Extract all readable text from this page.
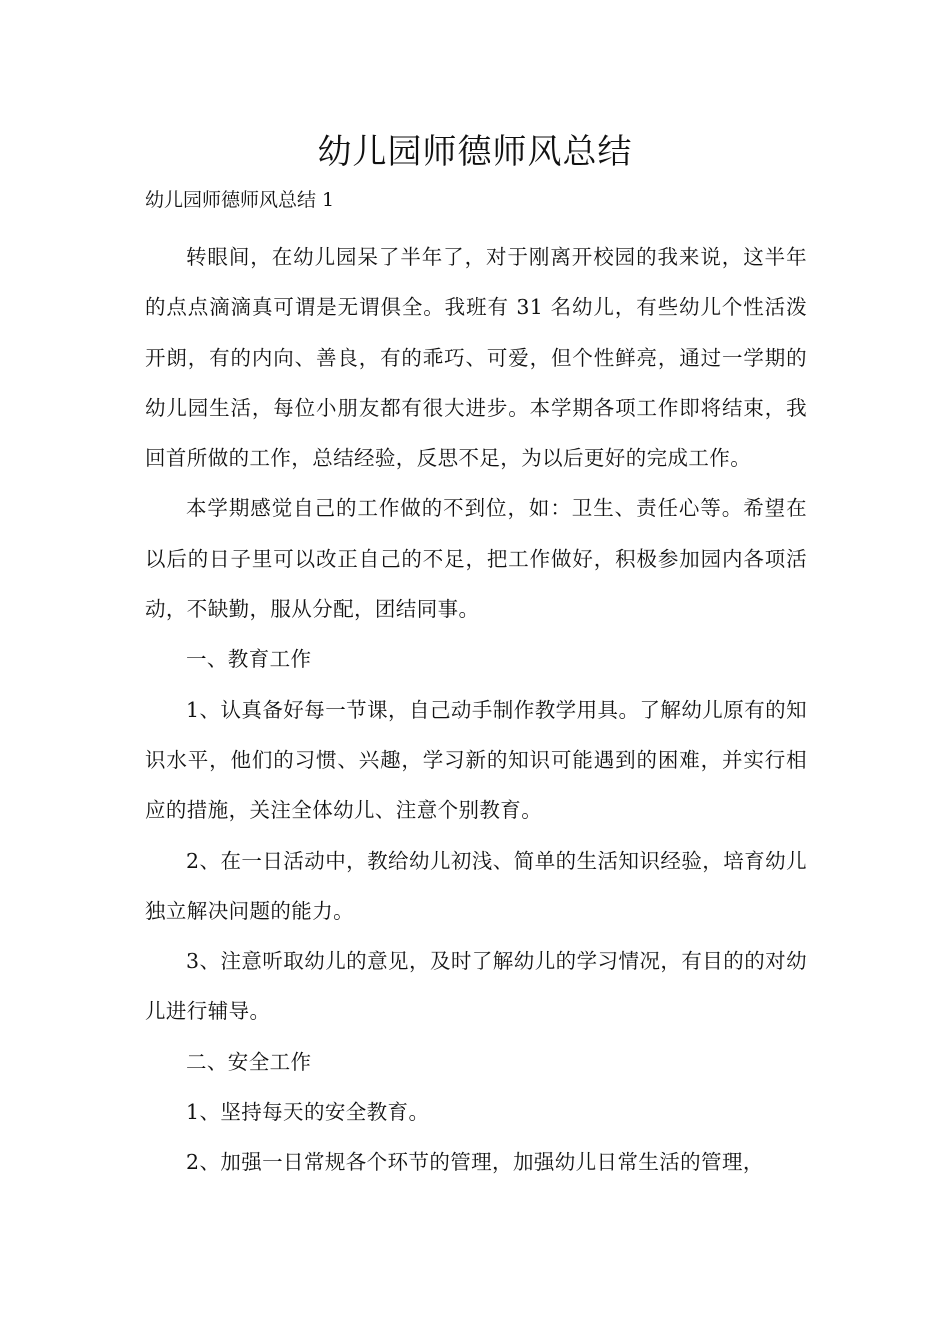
幼儿园师德师风总结

幼儿园师德师风总结 1

转眼间，在幼儿园呆了半年了，对于刚离开校园的我来说，这半年的点点滴滴真可谓是无谓俱全。我班有 31 名幼儿，有些幼儿个性活泼开朗，有的内向、善良，有的乖巧、可爱，但个性鲜亮，通过一学期的幼儿园生活，每位小朋友都有很大进步。本学期各项工作即将结束，我回首所做的工作，总结经验，反思不足，为以后更好的完成工作。

本学期感觉自己的工作做的不到位，如：卫生、责任心等。希望在以后的日子里可以改正自己的不足，把工作做好，积极参加园内各项活动，不缺勤，服从分配，团结同事。

一、教育工作

1、认真备好每一节课，自己动手制作教学用具。了解幼儿原有的知识水平，他们的习惯、兴趣，学习新的知识可能遇到的困难，并实行相应的措施，关注全体幼儿、注意个别教育。

2、在一日活动中，教给幼儿初浅、简单的生活知识经验，培育幼儿独立解决问题的能力。

3、注意听取幼儿的意见，及时了解幼儿的学习情况，有目的的对幼儿进行辅导。

二、安全工作

1、坚持每天的安全教育。

2、加强一日常规各个环节的管理，加强幼儿日常生活的管理，
